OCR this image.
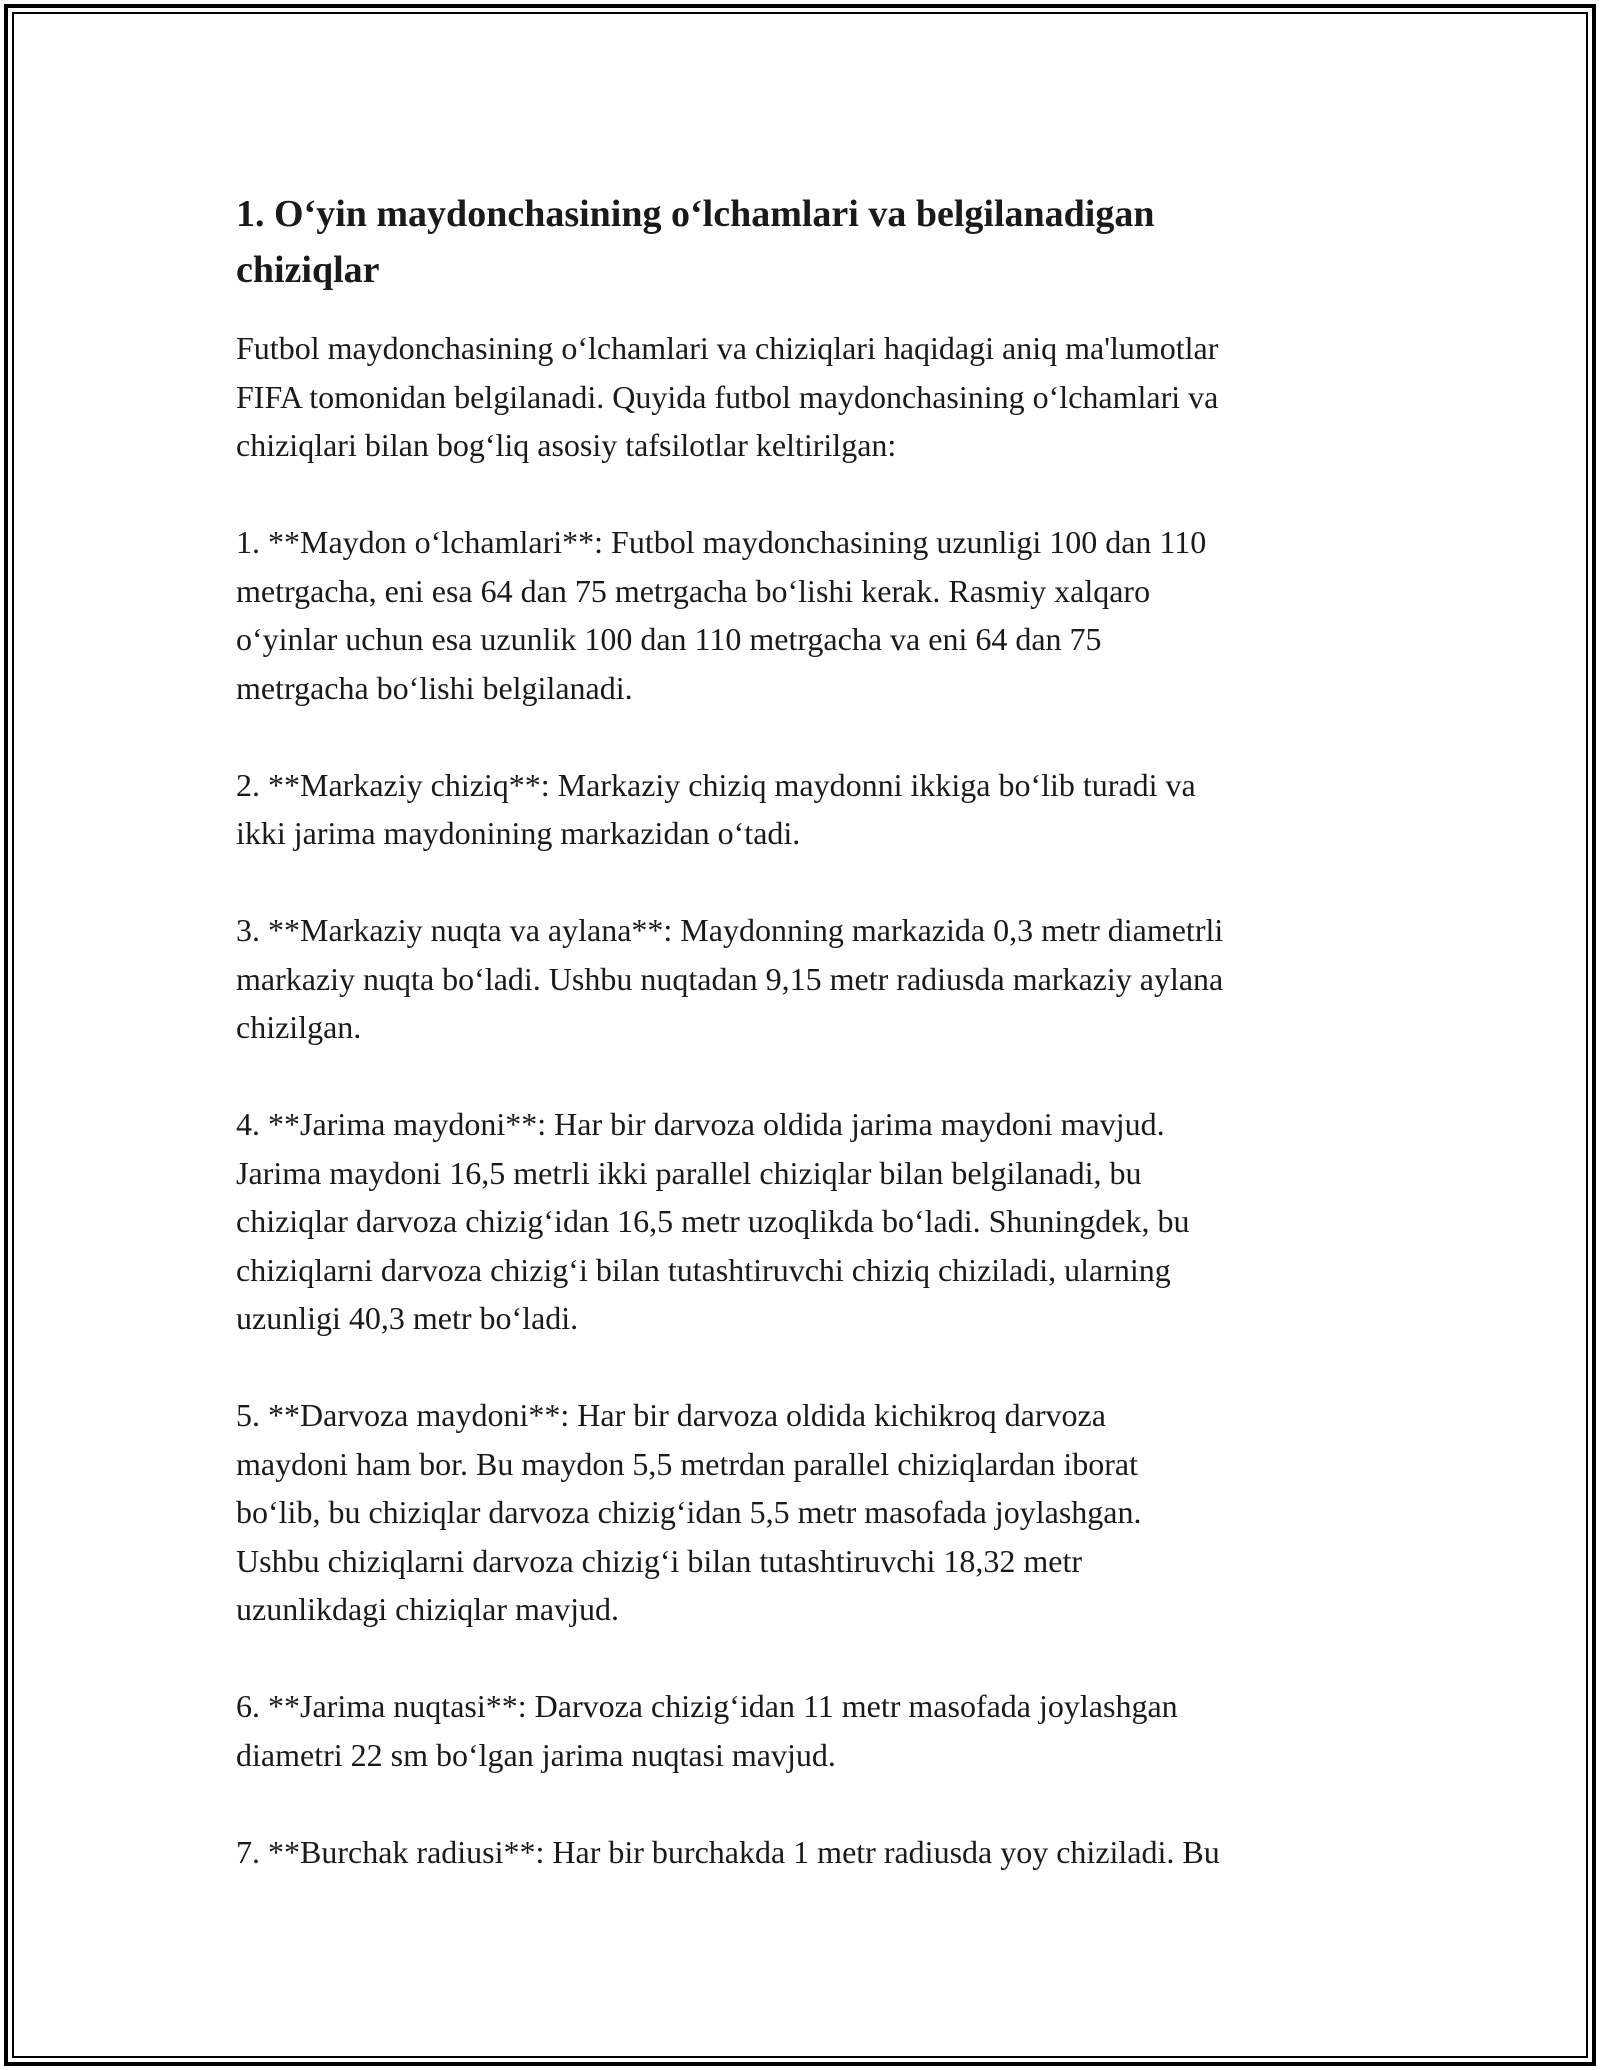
1. O‘yin maydonchasining o‘lchamlari va belgilanadigan
chiziqlar
Futbol maydonchasining o‘lchamlari va chiziqlari haqidagi aniq ma'lumotlar
FIFA tomonidan belgilanadi. Quyida futbol maydonchasining o‘lchamlari va
chiziqlari bilan bog‘liq asosiy tafsilotlar keltirilgan:
1. **Maydon o‘lchamlari**: Futbol maydonchasining uzunligi 100 dan 110
metrgacha, eni esa 64 dan 75 metrgacha bo‘lishi kerak. Rasmiy xalqaro
o‘yinlar uchun esa uzunlik 100 dan 110 metrgacha va eni 64 dan 75
metrgacha bo‘lishi belgilanadi.
2. **Markaziy chiziq**: Markaziy chiziq maydonni ikkiga bo‘lib turadi va
ikki jarima maydonining markazidan o‘tadi.
3. **Markaziy nuqta va aylana**: Maydonning markazida 0,3 metr diametrli
markaziy nuqta bo‘ladi. Ushbu nuqtadan 9,15 metr radiusda markaziy aylana
chizilgan.
4. **Jarima maydoni**: Har bir darvoza oldida jarima maydoni mavjud.
Jarima maydoni 16,5 metrli ikki parallel chiziqlar bilan belgilanadi, bu
chiziqlar darvoza chizig‘idan 16,5 metr uzoqlikda bo‘ladi. Shuningdek, bu
chiziqlarni darvoza chizig‘i bilan tutashtiruvchi chiziq chiziladi, ularning
uzunligi 40,3 metr bo‘ladi.
5. **Darvoza maydoni**: Har bir darvoza oldida kichikroq darvoza
maydoni ham bor. Bu maydon 5,5 metrdan parallel chiziqlardan iborat
bo‘lib, bu chiziqlar darvoza chizig‘idan 5,5 metr masofada joylashgan.
Ushbu chiziqlarni darvoza chizig‘i bilan tutashtiruvchi 18,32 metr
uzunlikdagi chiziqlar mavjud.
6. **Jarima nuqtasi**: Darvoza chizig‘idan 11 metr masofada joylashgan
diametri 22 sm bo‘lgan jarima nuqtasi mavjud.
7. **Burchak radiusi**: Har bir burchakda 1 metr radiusda yoy chiziladi. Bu
